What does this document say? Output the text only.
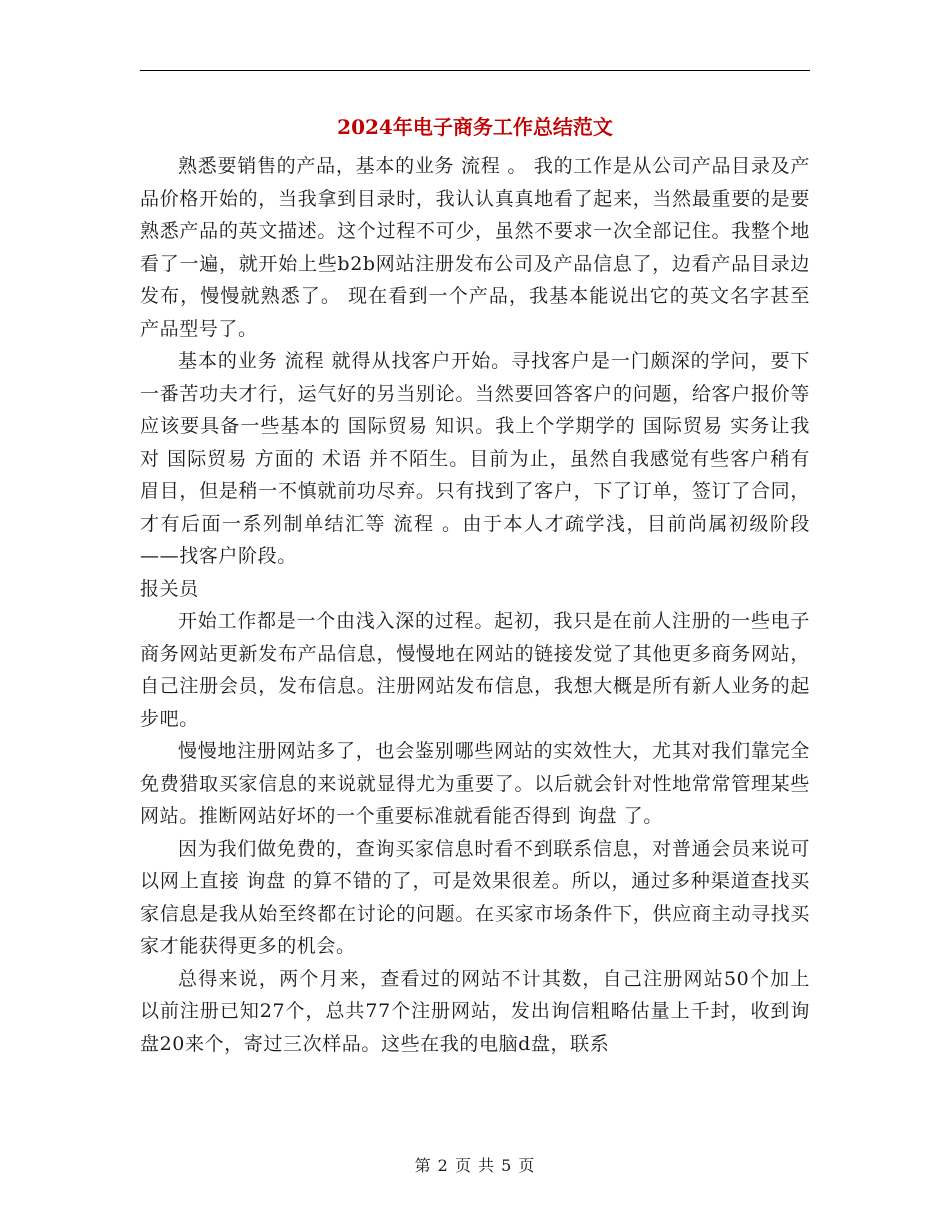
2024年电子商务工作总结范文

熟悉要销售的产品，基本的业务 流程 。 我的工作是从公司产品目录及产品价格开始的，当我拿到目录时，我认认真真地看了起来，当然最重要的是要熟悉产品的英文描述。这个过程不可少，虽然不要求一次全部记住。我整个地看了一遍，就开始上些b2b网站注册发布公司及产品信息了，边看产品目录边发布，慢慢就熟悉了。 现在看到一个产品，我基本能说出它的英文名字甚至产品型号了。

基本的业务 流程 就得从找客户开始。寻找客户是一门颇深的学问，要下一番苦功夫才行，运气好的另当别论。当然要回答客户的问题，给客户报价等应该要具备一些基本的 国际贸易 知识。我上个学期学的 国际贸易 实务让我对 国际贸易 方面的 术语 并不陌生。目前为止，虽然自我感觉有些客户稍有眉目，但是稍一不慎就前功尽弃。只有找到了客户，下了订单，签订了合同，才有后面一系列制单结汇等 流程 。由于本人才疏学浅，目前尚属初级阶段——找客户阶段。

报关员

开始工作都是一个由浅入深的过程。起初，我只是在前人注册的一些电子商务网站更新发布产品信息，慢慢地在网站的链接发觉了其他更多商务网站，自己注册会员，发布信息。注册网站发布信息，我想大概是所有新人业务的起步吧。

慢慢地注册网站多了，也会鉴别哪些网站的实效性大，尤其对我们靠完全免费猎取买家信息的来说就显得尤为重要了。以后就会针对性地常常管理某些网站。推断网站好坏的一个重要标准就看能否得到 询盘 了。

因为我们做免费的，查询买家信息时看不到联系信息，对普通会员来说可以网上直接 询盘 的算不错的了，可是效果很差。所以，通过多种渠道查找买家信息是我从始至终都在讨论的问题。在买家市场条件下，供应商主动寻找买家才能获得更多的机会。

总得来说，两个月来，查看过的网站不计其数，自己注册网站50个加上以前注册已知27个，总共77个注册网站，发出询信粗略估量上千封，收到询盘20来个，寄过三次样品。这些在我的电脑d盘，联系

第 2 页 共 5 页
